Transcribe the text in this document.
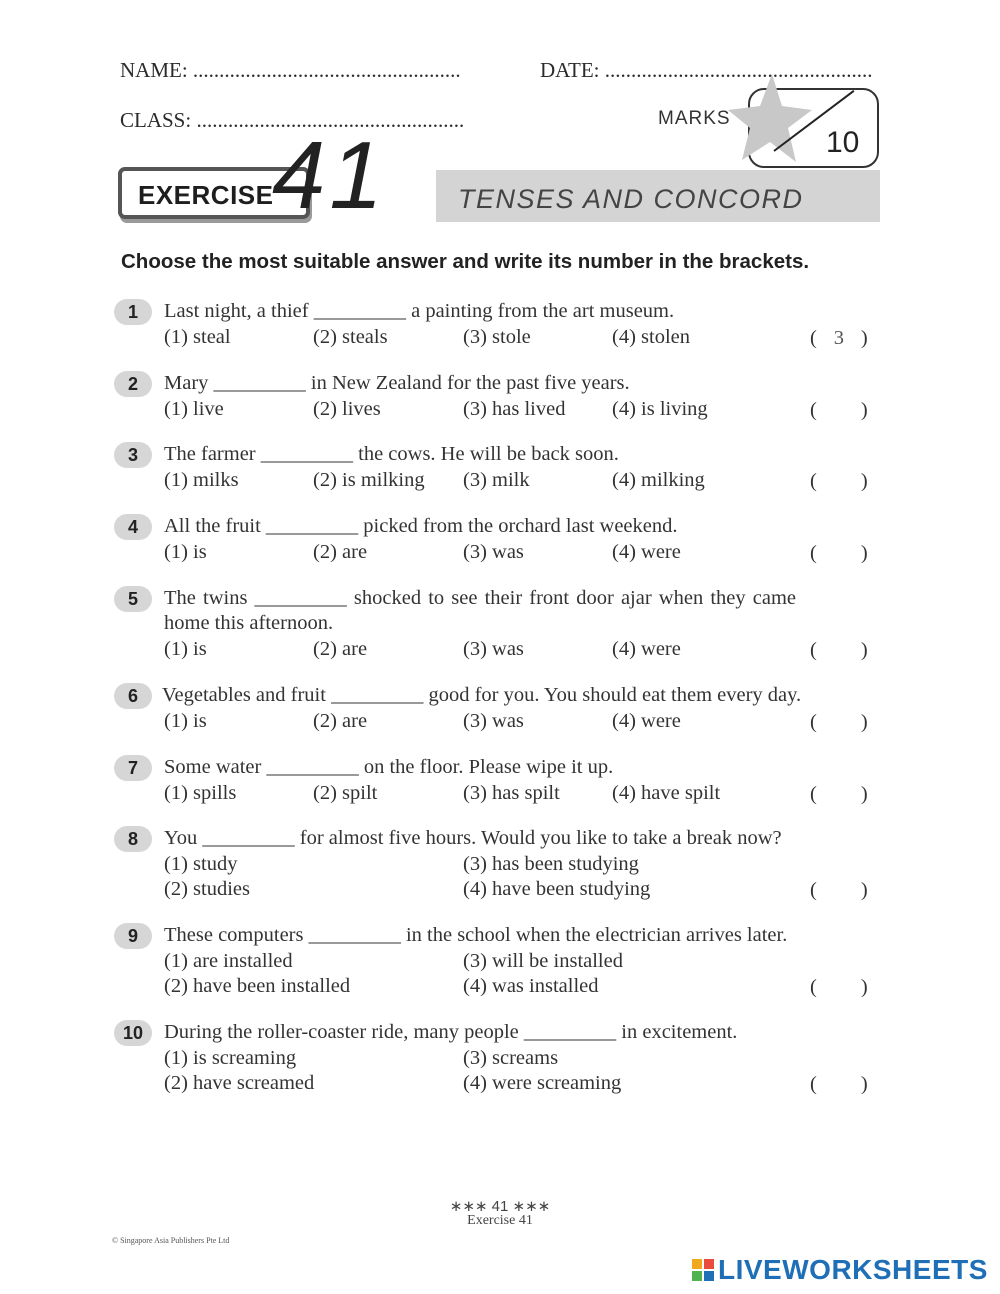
NAME: ...................................................	DATE: ...................................................
CLASS: ...................................................	MARKS
10
EXERCISE
41	TENSES AND CONCORD
Choose the most suitable answer and write its number in the brackets.
1	Last night, a thief _________ a painting from the art museum.
(1) steal	(2) steals	(3) stole	(4) stolen	( 3 )
2	Mary _________ in New Zealand for the past five years.
(1) live	(2) lives	(3) has lived (4) is living	( )
3	The farmer _________ the cows. He will be back soon.
(1) milks	(2) is milking (3) milk	(4) milking	( )
4	All the fruit _________ picked from the orchard last weekend.
(1) is	(2) are	(3) was	(4) were	( )
5	The twins _________ shocked to see their front door ajar when they came
home this afternoon.
(1) is	(2) are	(3) was	(4) were	( )
6	Vegetables and fruit _________ good for you. You should eat them every day.
(1) is	(2) are	(3) was	(4) were	( )
7	Some water _________ on the floor. Please wipe it up.
(1) spills	(2) spilt	(3) has spilt	(4) have spilt	( )
8	You _________ for almost five hours. Would you like to take a break now?
(1) study	(3) has been studying
(2) studies	(4) have been studying	( )
9	These computers _________ in the school when the electrician arrives later.
(1) are installed	(3) will be installed
(2) have been installed	(4) was installed	( )
10	During the roller-coaster ride, many people _________ in excitement.
(1) is screaming	(3) screams
(2) have screamed	(4) were screaming	( )
∗∗∗ 41 ∗∗∗
Exercise 41
© Singapore Asia Publishers Pte Ltd
LIVEWORKSHEETS
